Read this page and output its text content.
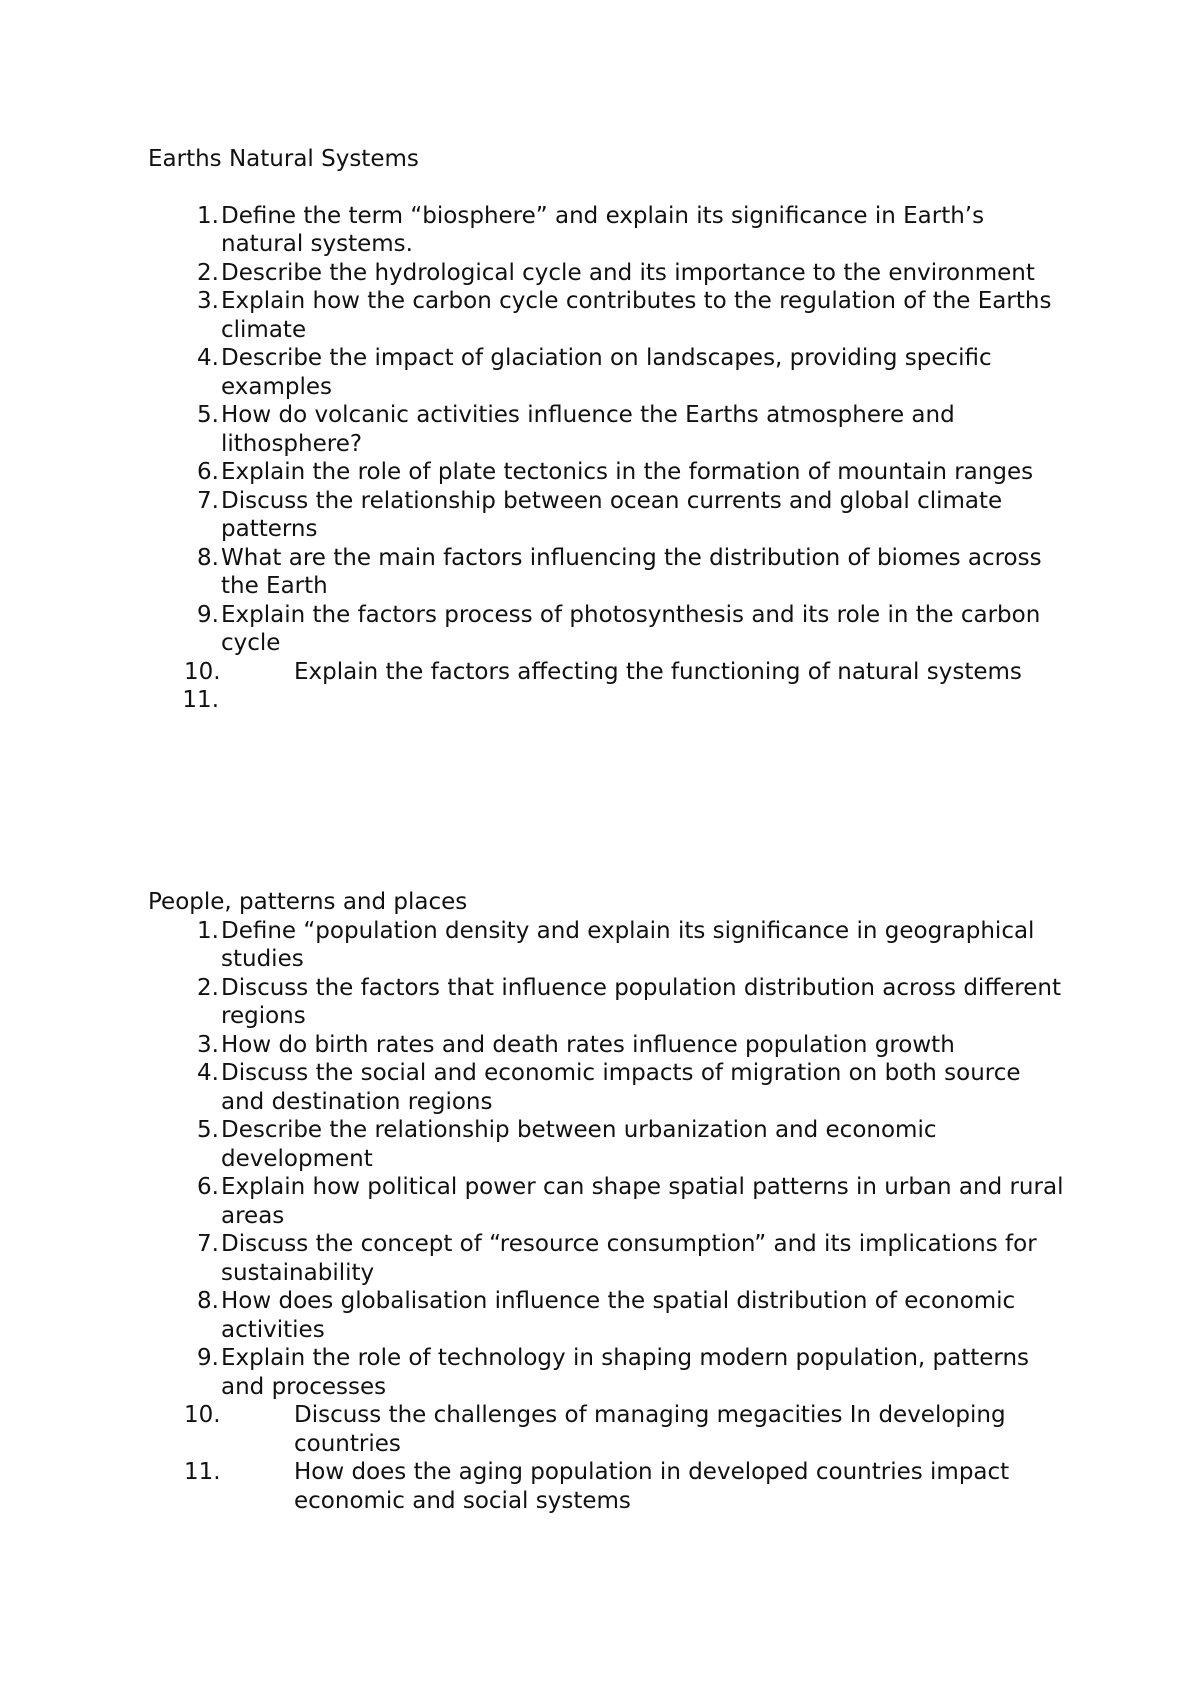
Earths Natural Systems

1. Define the term “biosphere” and explain its significance in Earth’s natural systems.
2. Describe the hydrological cycle and its importance to the environment
3. Explain how the carbon cycle contributes to the regulation of the Earths climate
4. Describe the impact of glaciation on landscapes, providing specific examples
5. How do volcanic activities influence the Earths atmosphere and lithosphere?
6. Explain the role of plate tectonics in the formation of mountain ranges
7. Discuss the relationship between ocean currents and global climate patterns
8. What are the main factors influencing the distribution of biomes across the Earth
9. Explain the factors process of photosynthesis and its role in the carbon cycle
10.	Explain the factors affecting the functioning of natural systems
11.

People, patterns and places

1. Define “population density and explain its significance in geographical studies
2. Discuss the factors that influence population distribution across different regions
3. How do birth rates and death rates influence population growth
4. Discuss the social and economic impacts of migration on both source and destination regions
5. Describe the relationship between urbanization and economic development
6. Explain how political power can shape spatial patterns in urban and rural areas
7. Discuss the concept of “resource consumption” and its implications for sustainability
8. How does globalisation influence the spatial distribution of economic activities
9. Explain the role of technology in shaping modern population, patterns and processes
10.	Discuss the challenges of managing megacities In developing countries
11.	How does the aging population in developed countries impact economic and social systems
